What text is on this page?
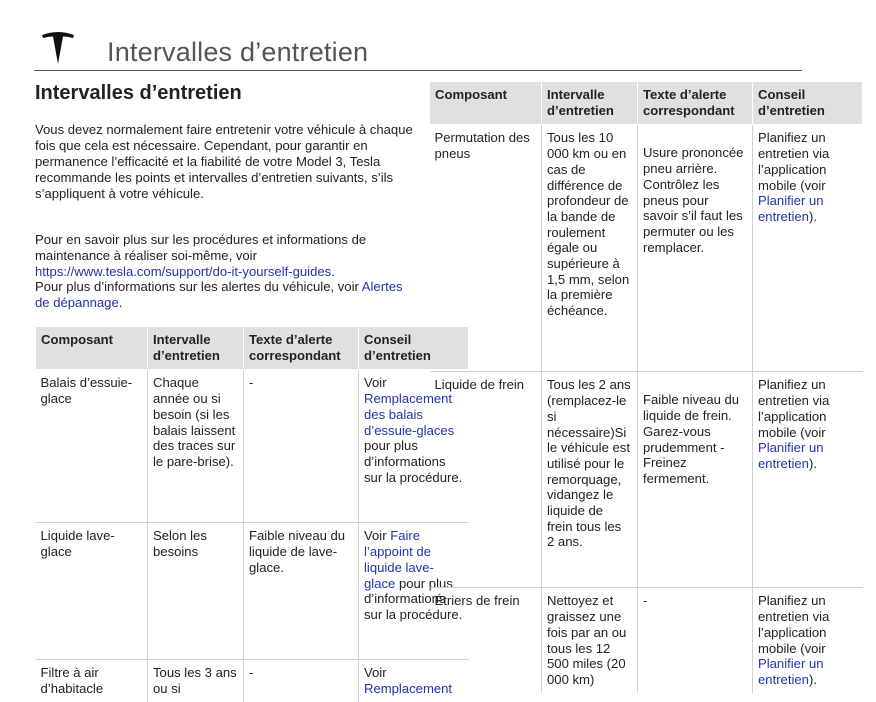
Intervalles d’entretien
Intervalles d’entretien

Vous devez normalement faire entretenir votre véhicule à chaque fois que cela est nécessaire. Cependant, pour garantir en permanence l’efficacité et la fiabilité de votre Model 3, Tesla recommande les points et intervalles d’entretien suivants, s’ils s’appliquent à votre véhicule.

Pour en savoir plus sur les procédures et informations de maintenance à réaliser soi-même, voir https://www.tesla.com/support/do-it-yourself-guides.

Pour plus d’informations sur les alertes du véhicule, voir Alertes de dépannage.

Composant	Intervalle d’entretien	Texte d’alerte correspondant	Conseil d’entretien
Balais d’essuie-glace	Chaque année ou si besoin (si les balais laissent des traces sur le pare-brise).	-	Voir Remplacement des balais d’essuie-glaces pour plus d’informations sur la procédure.
Liquide lave-glace	Selon les besoins	Faible niveau du liquide de lave-glace.	Voir Faire l’appoint de liquide lave-glace pour plus d’informations sur la procédure.
Filtre à air d’habitacle	Tous les 3 ans ou si	-	Voir Remplacement
Composant	Intervalle d’entretien	Texte d’alerte correspondant	Conseil d’entretien
Permutation des pneus	Tous les 10 000 km ou en cas de différence de profondeur de la bande de roulement égale ou supérieure à 1,5 mm, selon la première échéance.	Usure prononcée pneu arrière. Contrôlez les pneus pour savoir s’il faut les permuter ou les remplacer.	Planifiez un entretien via l’application mobile (voir Planifier un entretien).
Liquide de frein	Tous les 2 ans (remplacez-le si nécessaire)Si le véhicule est utilisé pour le remorquage, vidangez le liquide de frein tous les 2 ans.	Faible niveau du liquide de frein. Garez-vous prudemment - Freinez fermement.	Planifiez un entretien via l’application mobile (voir Planifier un entretien).
Étriers de frein	Nettoyez et graissez une fois par an ou tous les 12 500 miles (20 000 km)	-	Planifiez un entretien via l’application mobile (voir Planifier un entretien).
